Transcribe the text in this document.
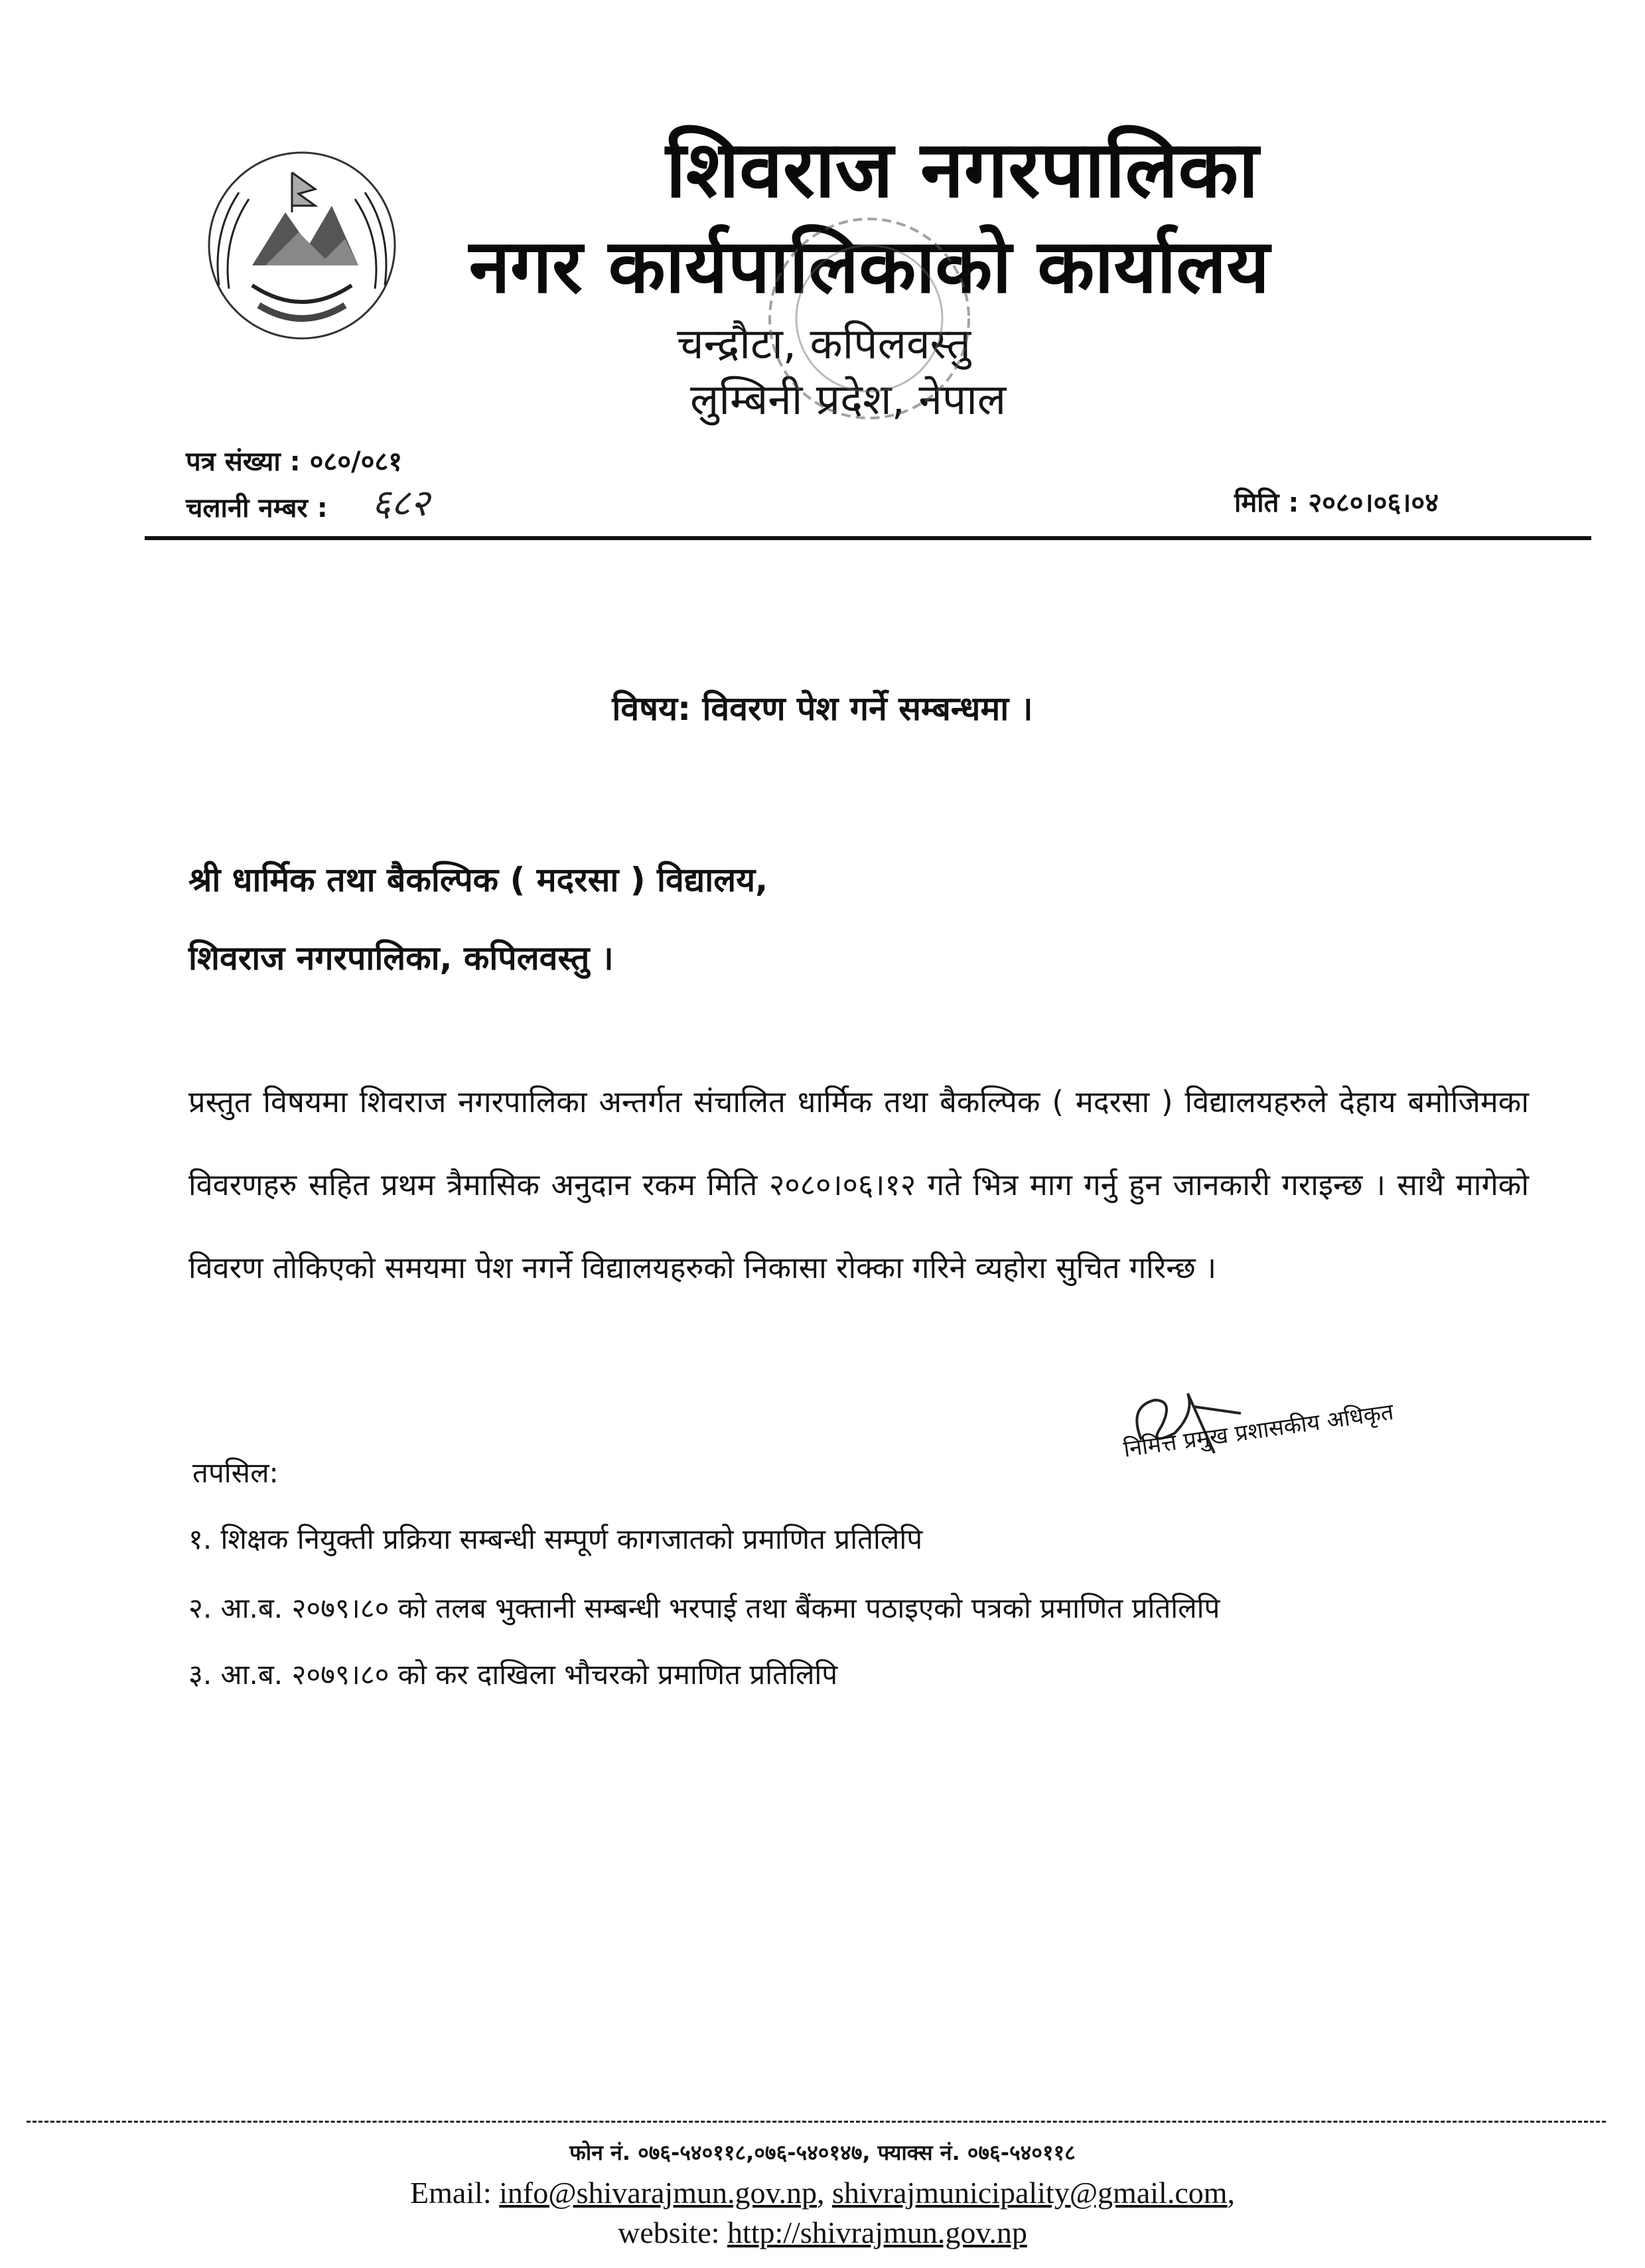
शिवराज नगरपालिका
नगर कार्यपालिकाको कार्यालय
चन्द्रौटा, कपिलवस्तु
लुम्बिनी प्रदेश, नेपाल
पत्र संख्या : ०८०/०८१
चलानी नम्बर : ६८२	मिति : २०८०।०६।०४
विषय: विवरण पेश गर्ने सम्बन्धमा ।
श्री धार्मिक तथा बैकल्पिक ( मदरसा ) विद्यालय,
शिवराज नगरपालिका, कपिलवस्तु ।
प्रस्तुत विषयमा शिवराज नगरपालिका अन्तर्गत संचालित धार्मिक तथा बैकल्पिक ( मदरसा ) विद्यालयहरुले देहाय बमोजिमका विवरणहरु सहित प्रथम त्रैमासिक अनुदान रकम मिति २०८०।०६।१२ गते भित्र माग गर्नु हुन जानकारी गराइन्छ । साथै मागेको विवरण तोकिएको समयमा पेश नगर्ने विद्यालयहरुको निकासा रोक्का गरिने व्यहोरा सुचित गरिन्छ ।
निमित्त प्रमुख प्रशासकीय अधिकृत
तपसिल:
१. शिक्षक नियुक्ती प्रक्रिया सम्बन्धी सम्पूर्ण कागजातको प्रमाणित प्रतिलिपि
२. आ.ब. २०७९।८० को तलब भुक्तानी सम्बन्धी भरपाई तथा बैंकमा पठाइएको पत्रको प्रमाणित प्रतिलिपि
३. आ.ब. २०७९।८० को कर दाखिला भौचरको प्रमाणित प्रतिलिपि
फोन नं. ०७६-५४०११८,०७६-५४०१४७, फ्याक्स नं. ०७६-५४०११८
Email: info@shivarajmun.gov.np, shivrajmunicipality@gmail.com,
website: http://shivrajmun.gov.np
